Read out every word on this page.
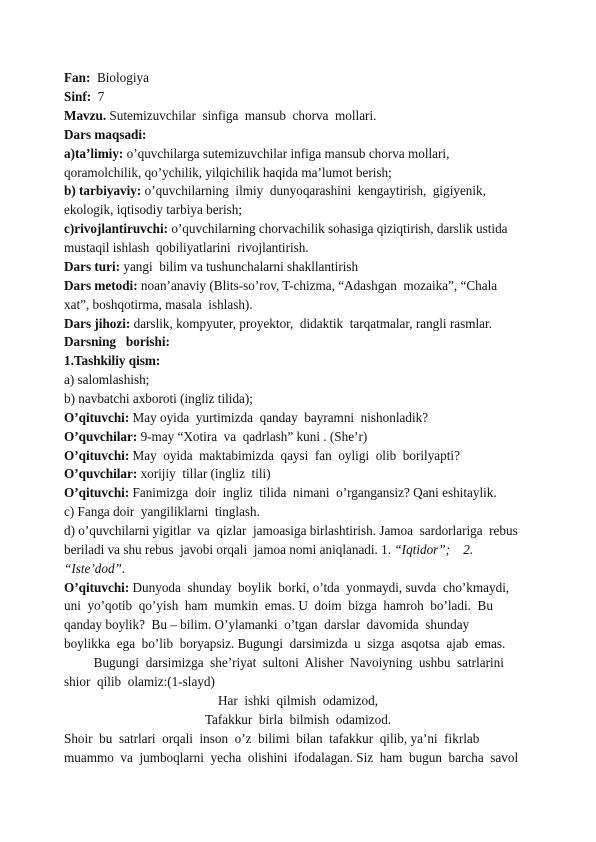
Fan:  Biologiya
Sinf:  7
Mavzu. Sutemizuvchilar  sinfiga  mansub  chorva  mollari.
Dars maqsadi:
a)ta’limiy: o’quvchilarga sutemizuvchilar infiga mansub chorva mollari,
qoramolchilik, qo’ychilik, yilqichilik haqida ma’lumot berish;
b) tarbiyaviy: o’quvchilarning  ilmiy  dunyoqarashini  kengaytirish,  gigiyenik,
ekologik, iqtisodiy tarbiya berish;
c)rivojlantiruvchi: o’quvchilarning chorvachilik sohasiga qiziqtirish, darslik ustida
mustaqil ishlash  qobiliyatlarini  rivojlantirish.
Dars turi: yangi  bilim va tushunchalarni shakllantirish
Dars metodi: noan’anaviy (Blits-so’rov, T-chizma, “Adashgan  mozaika”, “Chala
xat”, boshqotirma, masala  ishlash).
Dars jihozi: darslik, kompyuter, proyektor,  didaktik  tarqatmalar, rangli rasmlar.
Darsning   borishi:
1.Tashkiliy qism:
a) salomlashish;
b) navbatchi axboroti (ingliz tilida);
O’qituvchi: May oyida  yurtimizda  qanday  bayramni  nishonladik?
O’quvchilar: 9-may “Xotira  va  qadrlash” kuni . (She’r)
O’qituvchi: May  oyida  maktabimizda  qaysi  fan  oyligi  olib  borilyapti?
O’quvchilar: xorijiy  tillar (ingliz  tili)
O’qituvchi: Fanimizga  doir  ingliz  tilida  nimani  o’rgangansiz? Qani eshitaylik.
c) Fanga doir  yangiliklarni  tinglash.
d) o’quvchilarni yigitlar  va  qizlar  jamoasiga birlashtirish. Jamoa  sardorlariga  rebus
beriladi va shu rebus  javobi orqali  jamoa nomi aniqlanadi. 1. “Iqtidor”;    2.
“Iste’dod”.
O’qituvchi: Dunyoda  shunday  boylik  borki, o’tda  yonmaydi, suvda  cho’kmaydi,
uni  yo’qotib  qo’yish  ham  mumkin  emas. U  doim  bizga  hamroh  bo’ladi.  Bu
qanday boylik?  Bu – bilim. O’ylamanki  o’tgan  darslar  davomida  shunday
boylikka  ega  bo’lib  boryapsiz. Bugungi  darsimizda  u  sizga  asqotsa  ajab  emas.
Bugungi  darsimizga  she’riyat  sultoni  Alisher  Navoiyning  ushbu  satrlarini
shior  qilib  olamiz:(1-slayd)
Har  ishki  qilmish  odamizod,
Tafakkur  birla  bilmish  odamizod.
Shoir  bu  satrlari  orqali  inson  o’z  bilimi  bilan  tafakkur  qilib, ya’ni  fikrlab
muammo  va  jumboqlarni  yecha  olishini  ifodalagan. Siz  ham  bugun  barcha  savol
